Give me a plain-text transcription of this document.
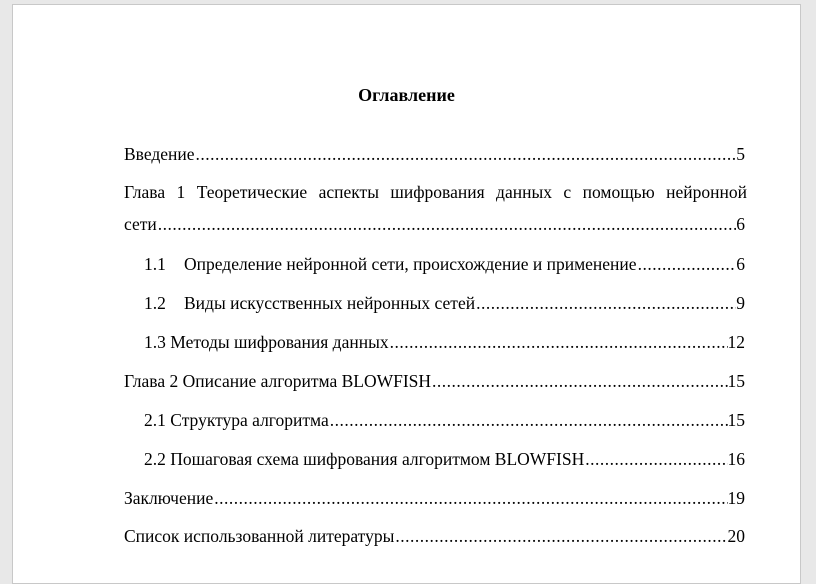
Оглавление
Введение .....	5
Глава 1 Теоретические аспекты шифрования данных с помощью нейронной
сети .....	6
1.1	Определение нейронной сети, происхождение и применение .....	6
1.2	Виды искусственных нейронных сетей .....	9
1.3 Методы шифрования данных .....	12
Глава 2 Описание алгоритма BLOWFISH .....	15
2.1 Структура алгоритма .....	15
2.2 Пошаговая схема шифрования алгоритмом BLOWFISH .....	16
Заключение .....	19
Список использованной литературы .....	20
